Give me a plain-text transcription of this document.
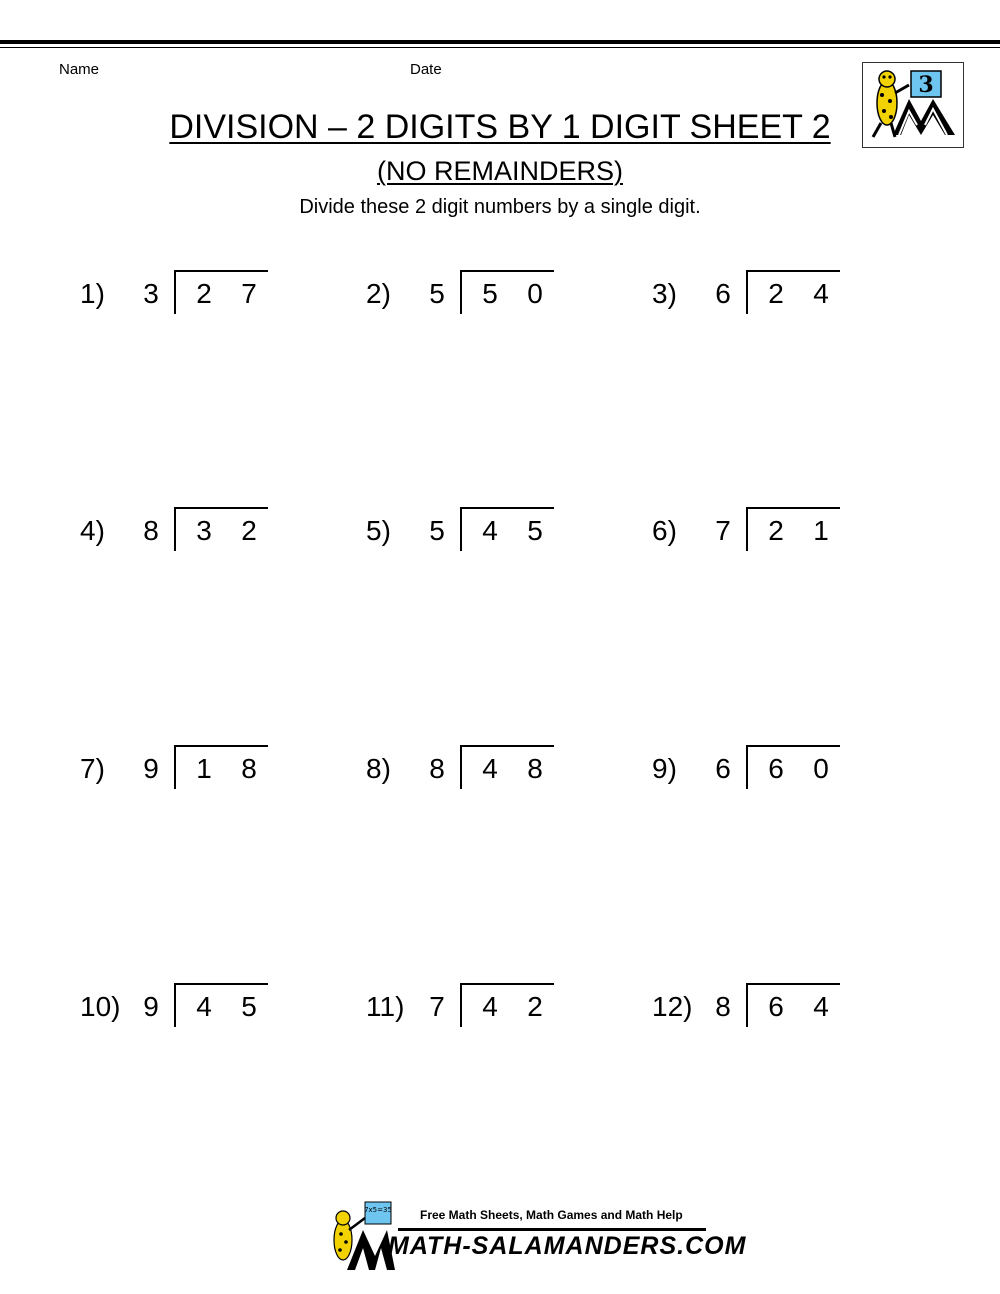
Name	Date
DIVISION – 2 DIGITS BY 1 DIGIT SHEET 2
(NO REMAINDERS)
Divide these 2 digit numbers by a single digit.
3
1) 3 2 7	2) 5 5 0	3) 6 2 4
4) 8 3 2	5) 5 4 5	6) 7 2 1
7) 9 1 8	8) 8 4 8	9) 6 6 0
10) 9 4 5	11) 7 4 2	12) 8 6 4
7x5=35 Free Math Sheets, Math Games and Math Help
MATH-SALAMANDERS.COM
